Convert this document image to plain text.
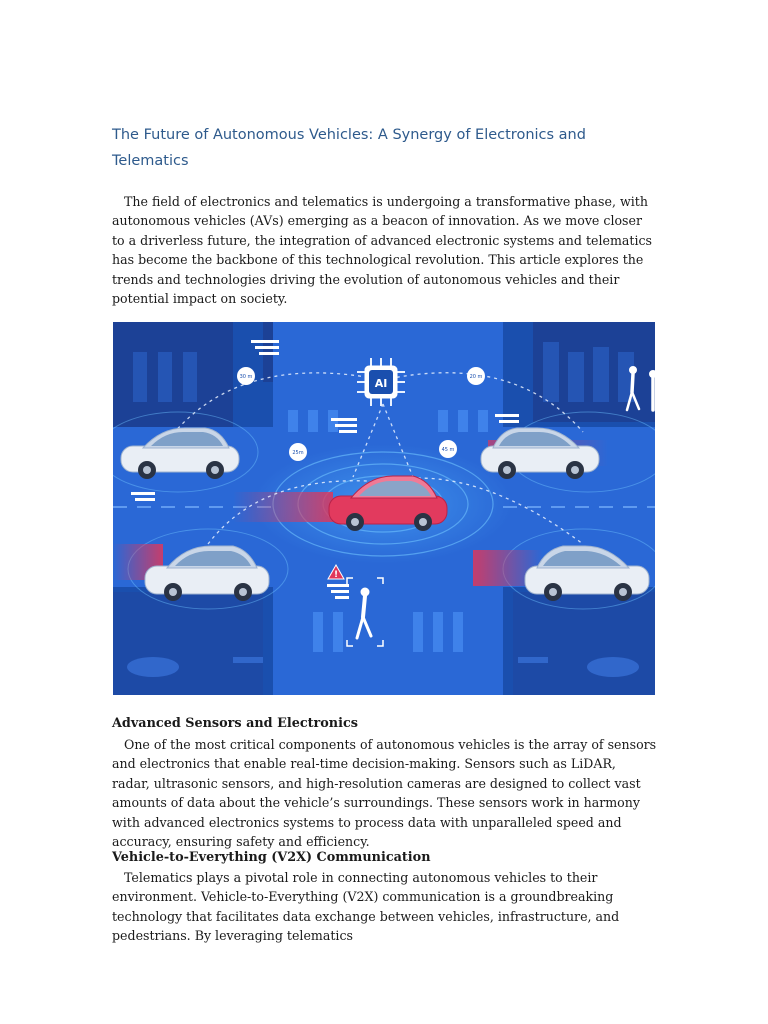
The Future of Autonomous Vehicles: A Synergy of Electronics and Telematics

The field of electronics and telematics is undergoing a transformative phase, with autonomous vehicles (AVs) emerging as a beacon of innovation. As we move closer to a driverless future, the integration of advanced electronic systems and telematics has become the backbone of this technological revolution. This article explores the trends and technologies driving the evolution of autonomous vehicles and their potential impact on society.

AI
30 m
25m
20 m
45 m
!
Advanced Sensors and Electronics

One of the most critical components of autonomous vehicles is the array of sensors and electronics that enable real-time decision-making. Sensors such as LiDAR, radar, ultrasonic sensors, and high-resolution cameras are designed to collect vast amounts of data about the vehicle’s surroundings. These sensors work in harmony with advanced electronics systems to process data with unparalleled speed and accuracy, ensuring safety and efficiency.

Vehicle-to-Everything (V2X) Communication

Telematics plays a pivotal role in connecting autonomous vehicles to their environment. Vehicle-to-Everything (V2X) communication is a groundbreaking technology that facilitates data exchange between vehicles, infrastructure, and pedestrians. By leveraging telematics
